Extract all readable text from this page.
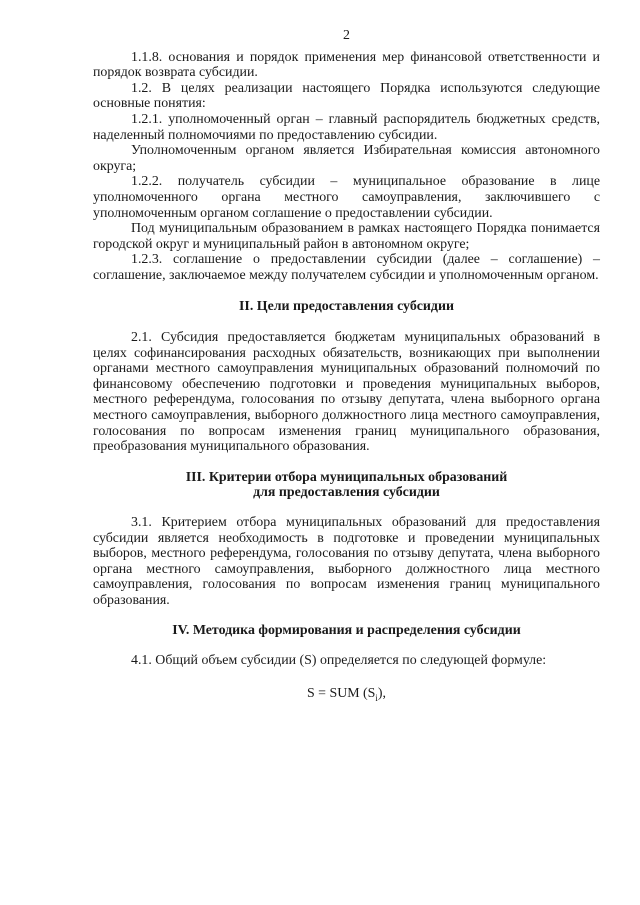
2

1.1.8. основания и порядок применения мер финансовой ответственности и порядок возврата субсидии.

1.2. В целях реализации настоящего Порядка используются следующие основные понятия:

1.2.1. уполномоченный орган – главный распорядитель бюджетных средств, наделенный полномочиями по предоставлению субсидии.

Уполномоченным органом является Избирательная комиссия автономного округа;

1.2.2. получатель субсидии – муниципальное образование в лице уполномоченного органа местного самоуправления, заключившего с уполномоченным органом соглашение о предоставлении субсидии.

Под муниципальным образованием в рамках настоящего Порядка понимается городской округ и муниципальный район в автономном округе;

1.2.3. соглашение о предоставлении субсидии (далее – соглашение) – соглашение, заключаемое между получателем субсидии и уполномоченным органом.

II. Цели предоставления субсидии

2.1. Субсидия предоставляется бюджетам муниципальных образований в целях софинансирования расходных обязательств, возникающих при выполнении органами местного самоуправления муниципальных образований полномочий по финансовому обеспечению подготовки и проведения муниципальных выборов, местного референдума, голосования по отзыву депутата, члена выборного органа местного самоуправления, выборного должностного лица местного самоуправления, голосования по вопросам изменения границ муниципального образования, преобразования муниципального образования.

III. Критерии отбора муниципальных образований
для предоставления субсидии

3.1. Критерием отбора муниципальных образований для предоставления субсидии является необходимость в подготовке и проведении муниципальных выборов, местного референдума, голосования по отзыву депутата, члена выборного органа местного самоуправления, выборного должностного лица местного самоуправления, голосования по вопросам изменения границ муниципального образования.

IV. Методика формирования и распределения субсидии

4.1. Общий объем субсидии (S) определяется по следующей формуле:

S = SUM $(S_i)$,
